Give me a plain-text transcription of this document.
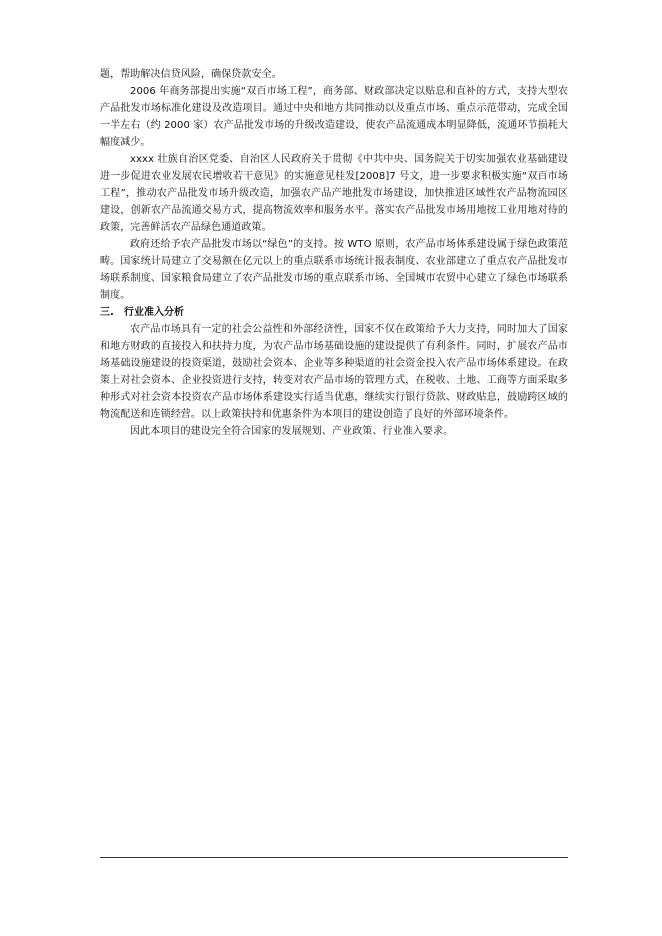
题，帮助解决信贷风险，确保贷款安全。

2006 年商务部提出实施“双百市场工程”，商务部、财政部决定以贴息和直补的方式，支持大型农产品批发市场标准化建设及改造项目。通过中央和地方共同推动以及重点市场、重点示范带动，完成全国一半左右（约 2000 家）农产品批发市场的升级改造建设，使农产品流通成本明显降低，流通环节损耗大幅度减少。

xxxx 壮族自治区党委、自治区人民政府关于贯彻《中共中央、国务院关于切实加强农业基础建设进一步促进农业发展农民增收若干意见》的实施意见桂发[2008]7 号文，进一步要求积极实施“双百市场工程”，推动农产品批发市场升级改造，加强农产品产地批发市场建设，加快推进区域性农产品物流园区建设，创新农产品流通交易方式，提高物流效率和服务水平。落实农产品批发市场用地按工业用地对待的政策，完善鲜活农产品绿色通道政策。

政府还给予农产品批发市场以“绿色”的支持。按 WTO 原则，农产品市场体系建设属于绿色政策范畴。国家统计局建立了交易额在亿元以上的重点联系市场统计报表制度、农业部建立了重点农产品批发市场联系制度、国家粮食局建立了农产品批发市场的重点联系市场、全国城市农贸中心建立了绿色市场联系制度。

三. 行业准入分析

农产品市场具有一定的社会公益性和外部经济性，国家不仅在政策给予大力支持，同时加大了国家和地方财政的直接投入和扶持力度，为农产品市场基础设施的建设提供了有利条件。同时，扩展农产品市场基础设施建设的投资渠道，鼓励社会资本、企业等多种渠道的社会资金投入农产品市场体系建设。在政策上对社会资本、企业投资进行支持，转变对农产品市场的管理方式，在税收、土地、工商等方面采取多种形式对社会资本投资农产品市场体系建设实行适当优惠，继续实行银行贷款、财政贴息，鼓励跨区域的物流配送和连锁经营。以上政策扶持和优惠条件为本项目的建设创造了良好的外部环境条件。

因此本项目的建设完全符合国家的发展规划、产业政策、行业准入要求。
